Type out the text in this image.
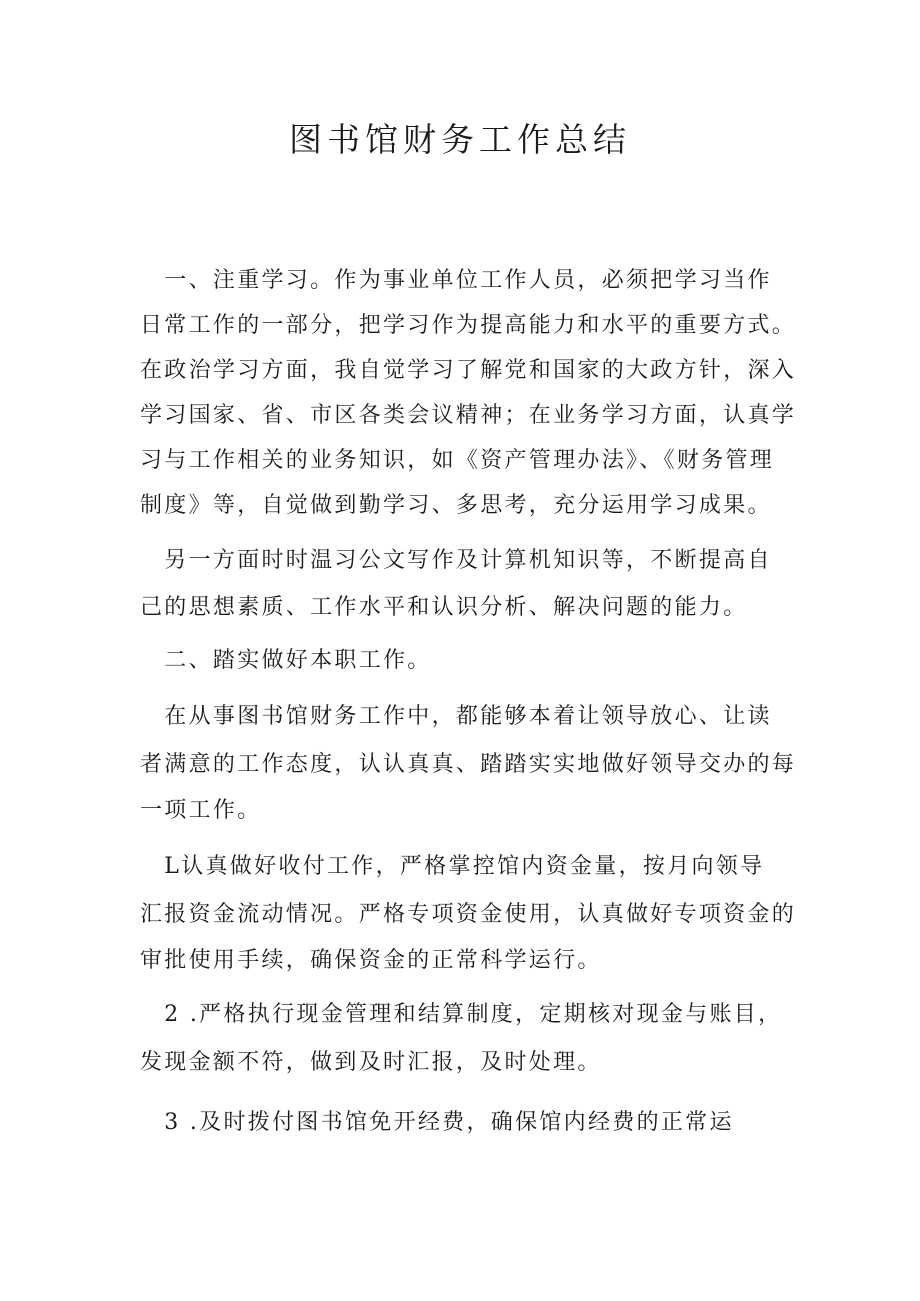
图书馆财务工作总结
　一、注重学习。作为事业单位工作人员，必须把学习当作
日常工作的一部分，把学习作为提高能力和水平的重要方式。
在政治学习方面，我自觉学习了解党和国家的大政方针，深入
学习国家、省、市区各类会议精神；在业务学习方面，认真学
习与工作相关的业务知识，如《资产管理办法》、《财务管理
制度》等，自觉做到勤学习、多思考，充分运用学习成果。
　另一方面时时温习公文写作及计算机知识等，不断提高自
己的思想素质、工作水平和认识分析、解决问题的能力。
　二、踏实做好本职工作。
　在从事图书馆财务工作中，都能够本着让领导放心、让读
者满意的工作态度，认认真真、踏踏实实地做好领导交办的每
一项工作。
　L认真做好收付工作，严格掌控馆内资金量，按月向领导
汇报资金流动情况。严格专项资金使用，认真做好专项资金的
审批使用手续，确保资金的正常科学运行。
　2 .严格执行现金管理和结算制度，定期核对现金与账目，
发现金额不符，做到及时汇报，及时处理。
　3 .及时拨付图书馆免开经费，确保馆内经费的正常运
